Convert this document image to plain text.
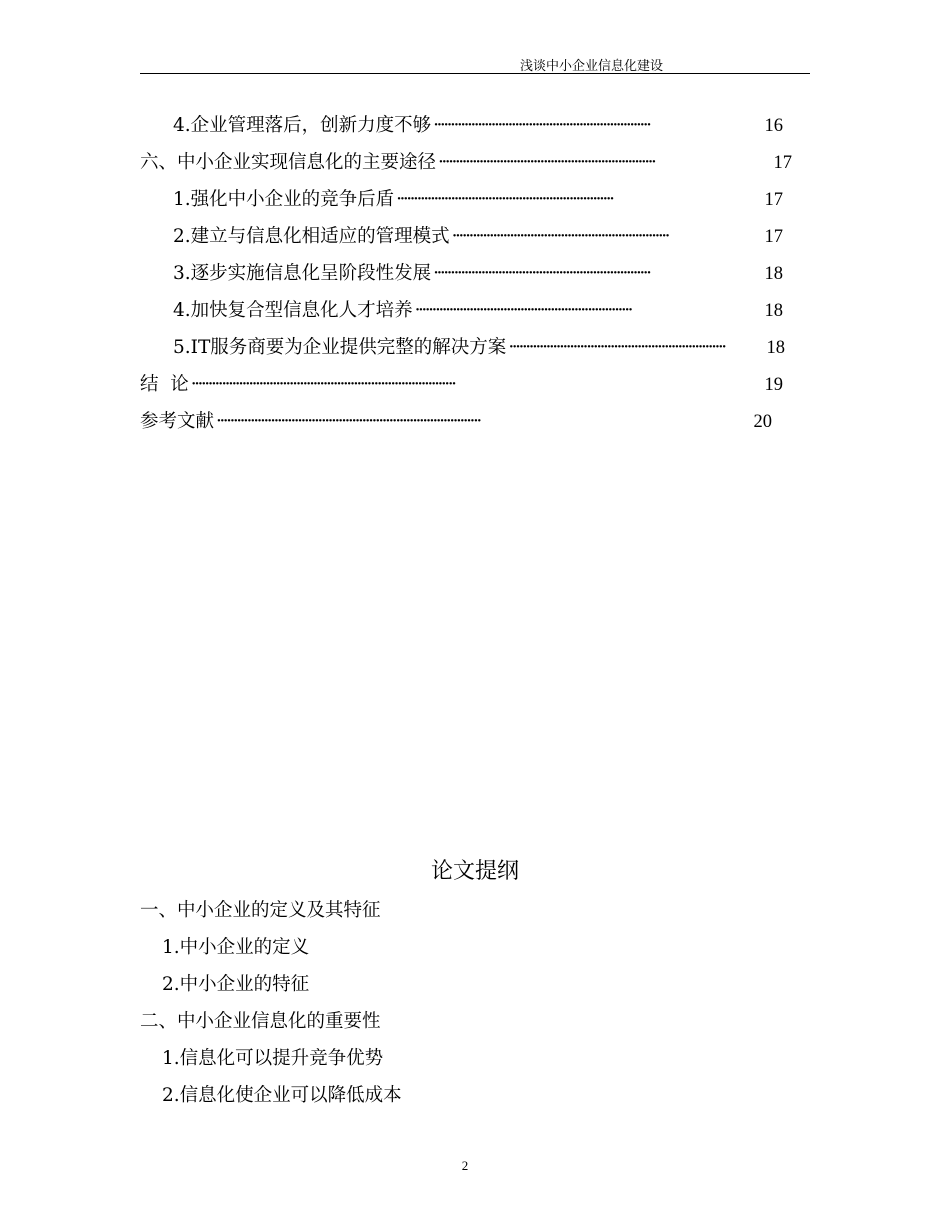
浅谈中小企业信息化建设
4.企业管理落后，创新力度不够 ································································	16
六、中小企业实现信息化的主要途径 ································································	17
1.强化中小企业的竞争后盾 ································································	17
2.建立与信息化相适应的管理模式 ································································	17
3.逐步实施信息化呈阶段性发展 ································································	18
4.加快复合型信息化人才培养 ································································	18
5.IT服务商要为企业提供完整的解决方案 ································································	18
结  论 ··············································································	19
参考文献 ··············································································	20
论文提纲
一、中小企业的定义及其特征
1.中小企业的定义
2.中小企业的特征
二、中小企业信息化的重要性
1.信息化可以提升竞争优势
2.信息化使企业可以降低成本
2
